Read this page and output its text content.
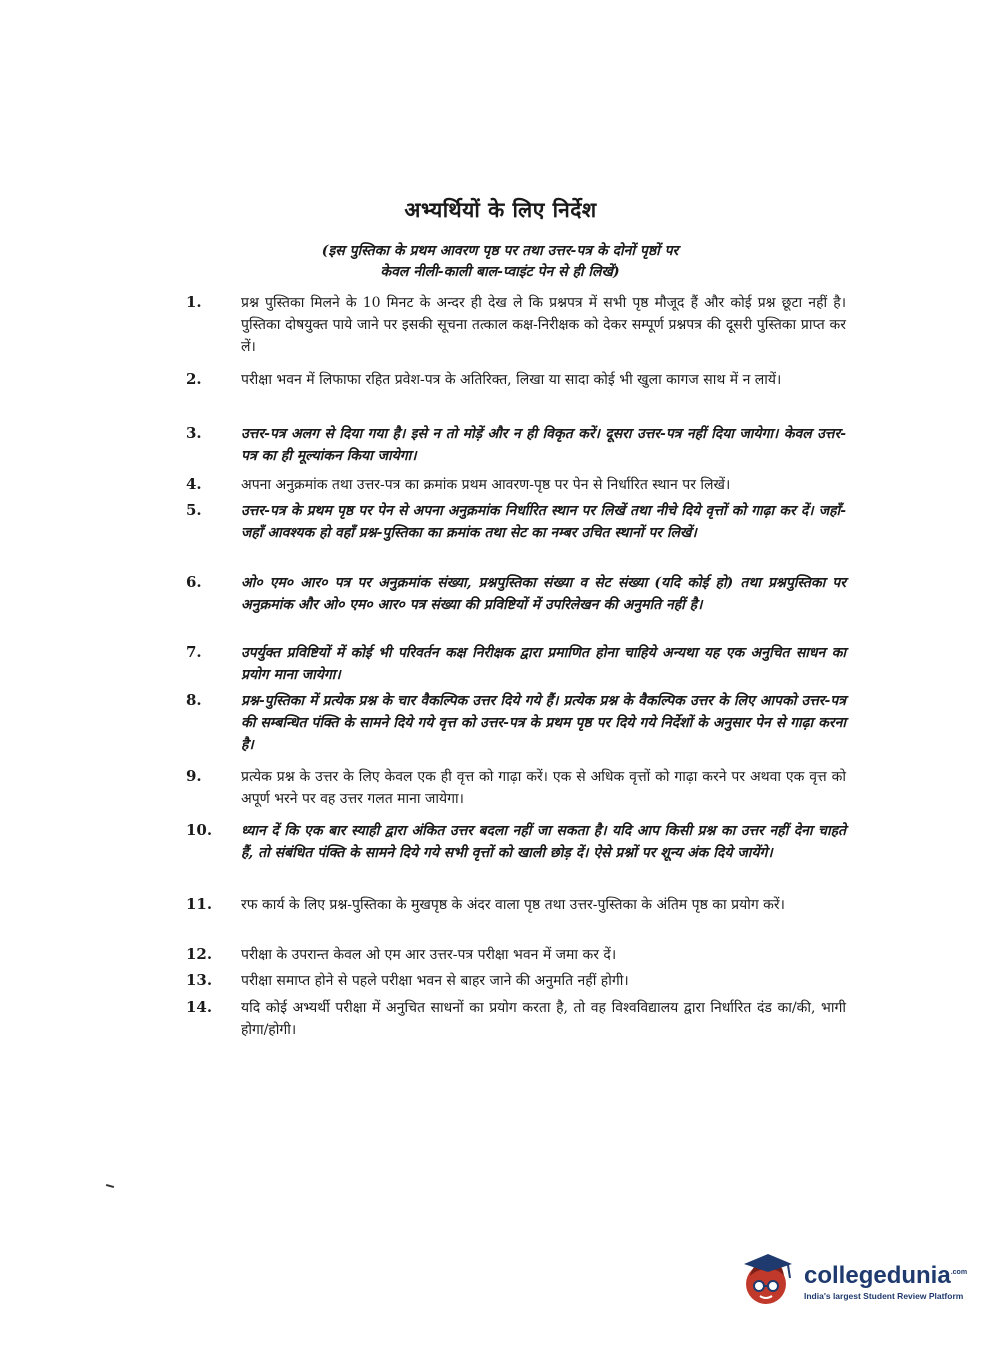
अभ्यर्थियों के लिए निर्देश
(इस पुस्तिका के प्रथम आवरण पृष्ठ पर तथा उत्तर-पत्र के दोनों पृष्ठों पर
केवल नीली-काली बाल-प्वाइंट पेन से ही लिखें)
1.	प्रश्न पुस्तिका मिलने के 10 मिनट के अन्दर ही देख ले कि प्रश्नपत्र में सभी पृष्ठ मौजूद हैं और कोई प्रश्न छूटा नहीं है। पुस्तिका दोषयुक्त पाये जाने पर इसकी सूचना तत्काल कक्ष-निरीक्षक को देकर सम्पूर्ण प्रश्नपत्र की दूसरी पुस्तिका प्राप्त कर लें।
2.	परीक्षा भवन में लिफाफा रहित प्रवेश-पत्र के अतिरिक्त, लिखा या सादा कोई भी खुला कागज साथ में न लायें।
3.	उत्तर-पत्र अलग से दिया गया है। इसे न तो मोड़ें और न ही विकृत करें। दूसरा उत्तर-पत्र नहीं दिया जायेगा। केवल उत्तर-पत्र का ही मूल्यांकन किया जायेगा।
4.	अपना अनुक्रमांक तथा उत्तर-पत्र का क्रमांक प्रथम आवरण-पृष्ठ पर पेन से निर्धारित स्थान पर लिखें।
5.	उत्तर-पत्र के प्रथम पृष्ठ पर पेन से अपना अनुक्रमांक निर्धारित स्थान पर लिखें तथा नीचे दिये वृत्तों को गाढ़ा कर दें। जहाँ-जहाँ आवश्यक हो वहाँ प्रश्न-पुस्तिका का क्रमांक तथा सेट का नम्बर उचित स्थानों पर लिखें।
6.	ओ० एम० आर० पत्र पर अनुक्रमांक संख्या, प्रश्नपुस्तिका संख्या व सेट संख्या (यदि कोई हो) तथा प्रश्नपुस्तिका पर अनुक्रमांक और ओ० एम० आर० पत्र संख्या की प्रविष्टियों में उपरिलेखन की अनुमति नहीं है।
7.	उपर्युक्त प्रविष्टियों में कोई भी परिवर्तन कक्ष निरीक्षक द्वारा प्रमाणित होना चाहिये अन्यथा यह एक अनुचित साधन का प्रयोग माना जायेगा।
8.	प्रश्न-पुस्तिका में प्रत्येक प्रश्न के चार वैकल्पिक उत्तर दिये गये हैं। प्रत्येक प्रश्न के वैकल्पिक उत्तर के लिए आपको उत्तर-पत्र की सम्बन्धित पंक्ति के सामने दिये गये वृत्त को उत्तर-पत्र के प्रथम पृष्ठ पर दिये गये निर्देशों के अनुसार पेन से गाढ़ा करना है।
9.	प्रत्येक प्रश्न के उत्तर के लिए केवल एक ही वृत्त को गाढ़ा करें। एक से अधिक वृत्तों को गाढ़ा करने पर अथवा एक वृत्त को अपूर्ण भरने पर वह उत्तर गलत माना जायेगा।
10.	ध्यान दें कि एक बार स्याही द्वारा अंकित उत्तर बदला नहीं जा सकता है। यदि आप किसी प्रश्न का उत्तर नहीं देना चाहते हैं, तो संबंधित पंक्ति के सामने दिये गये सभी वृत्तों को खाली छोड़ दें। ऐसे प्रश्नों पर शून्य अंक दिये जायेंगे।
11.	रफ कार्य के लिए प्रश्न-पुस्तिका के मुखपृष्ठ के अंदर वाला पृष्ठ तथा उत्तर-पुस्तिका के अंतिम पृष्ठ का प्रयोग करें।
12.	परीक्षा के उपरान्त केवल ओ एम आर उत्तर-पत्र परीक्षा भवन में जमा कर दें।
13.	परीक्षा समाप्त होने से पहले परीक्षा भवन से बाहर जाने की अनुमति नहीं होगी।
14.	यदि कोई अभ्यर्थी परीक्षा में अनुचित साधनों का प्रयोग करता है, तो वह विश्वविद्यालय द्वारा निर्धारित दंड का/की, भागी होगा/होगी।
collegedunia$^{.com}$
India's largest Student Review Platform
